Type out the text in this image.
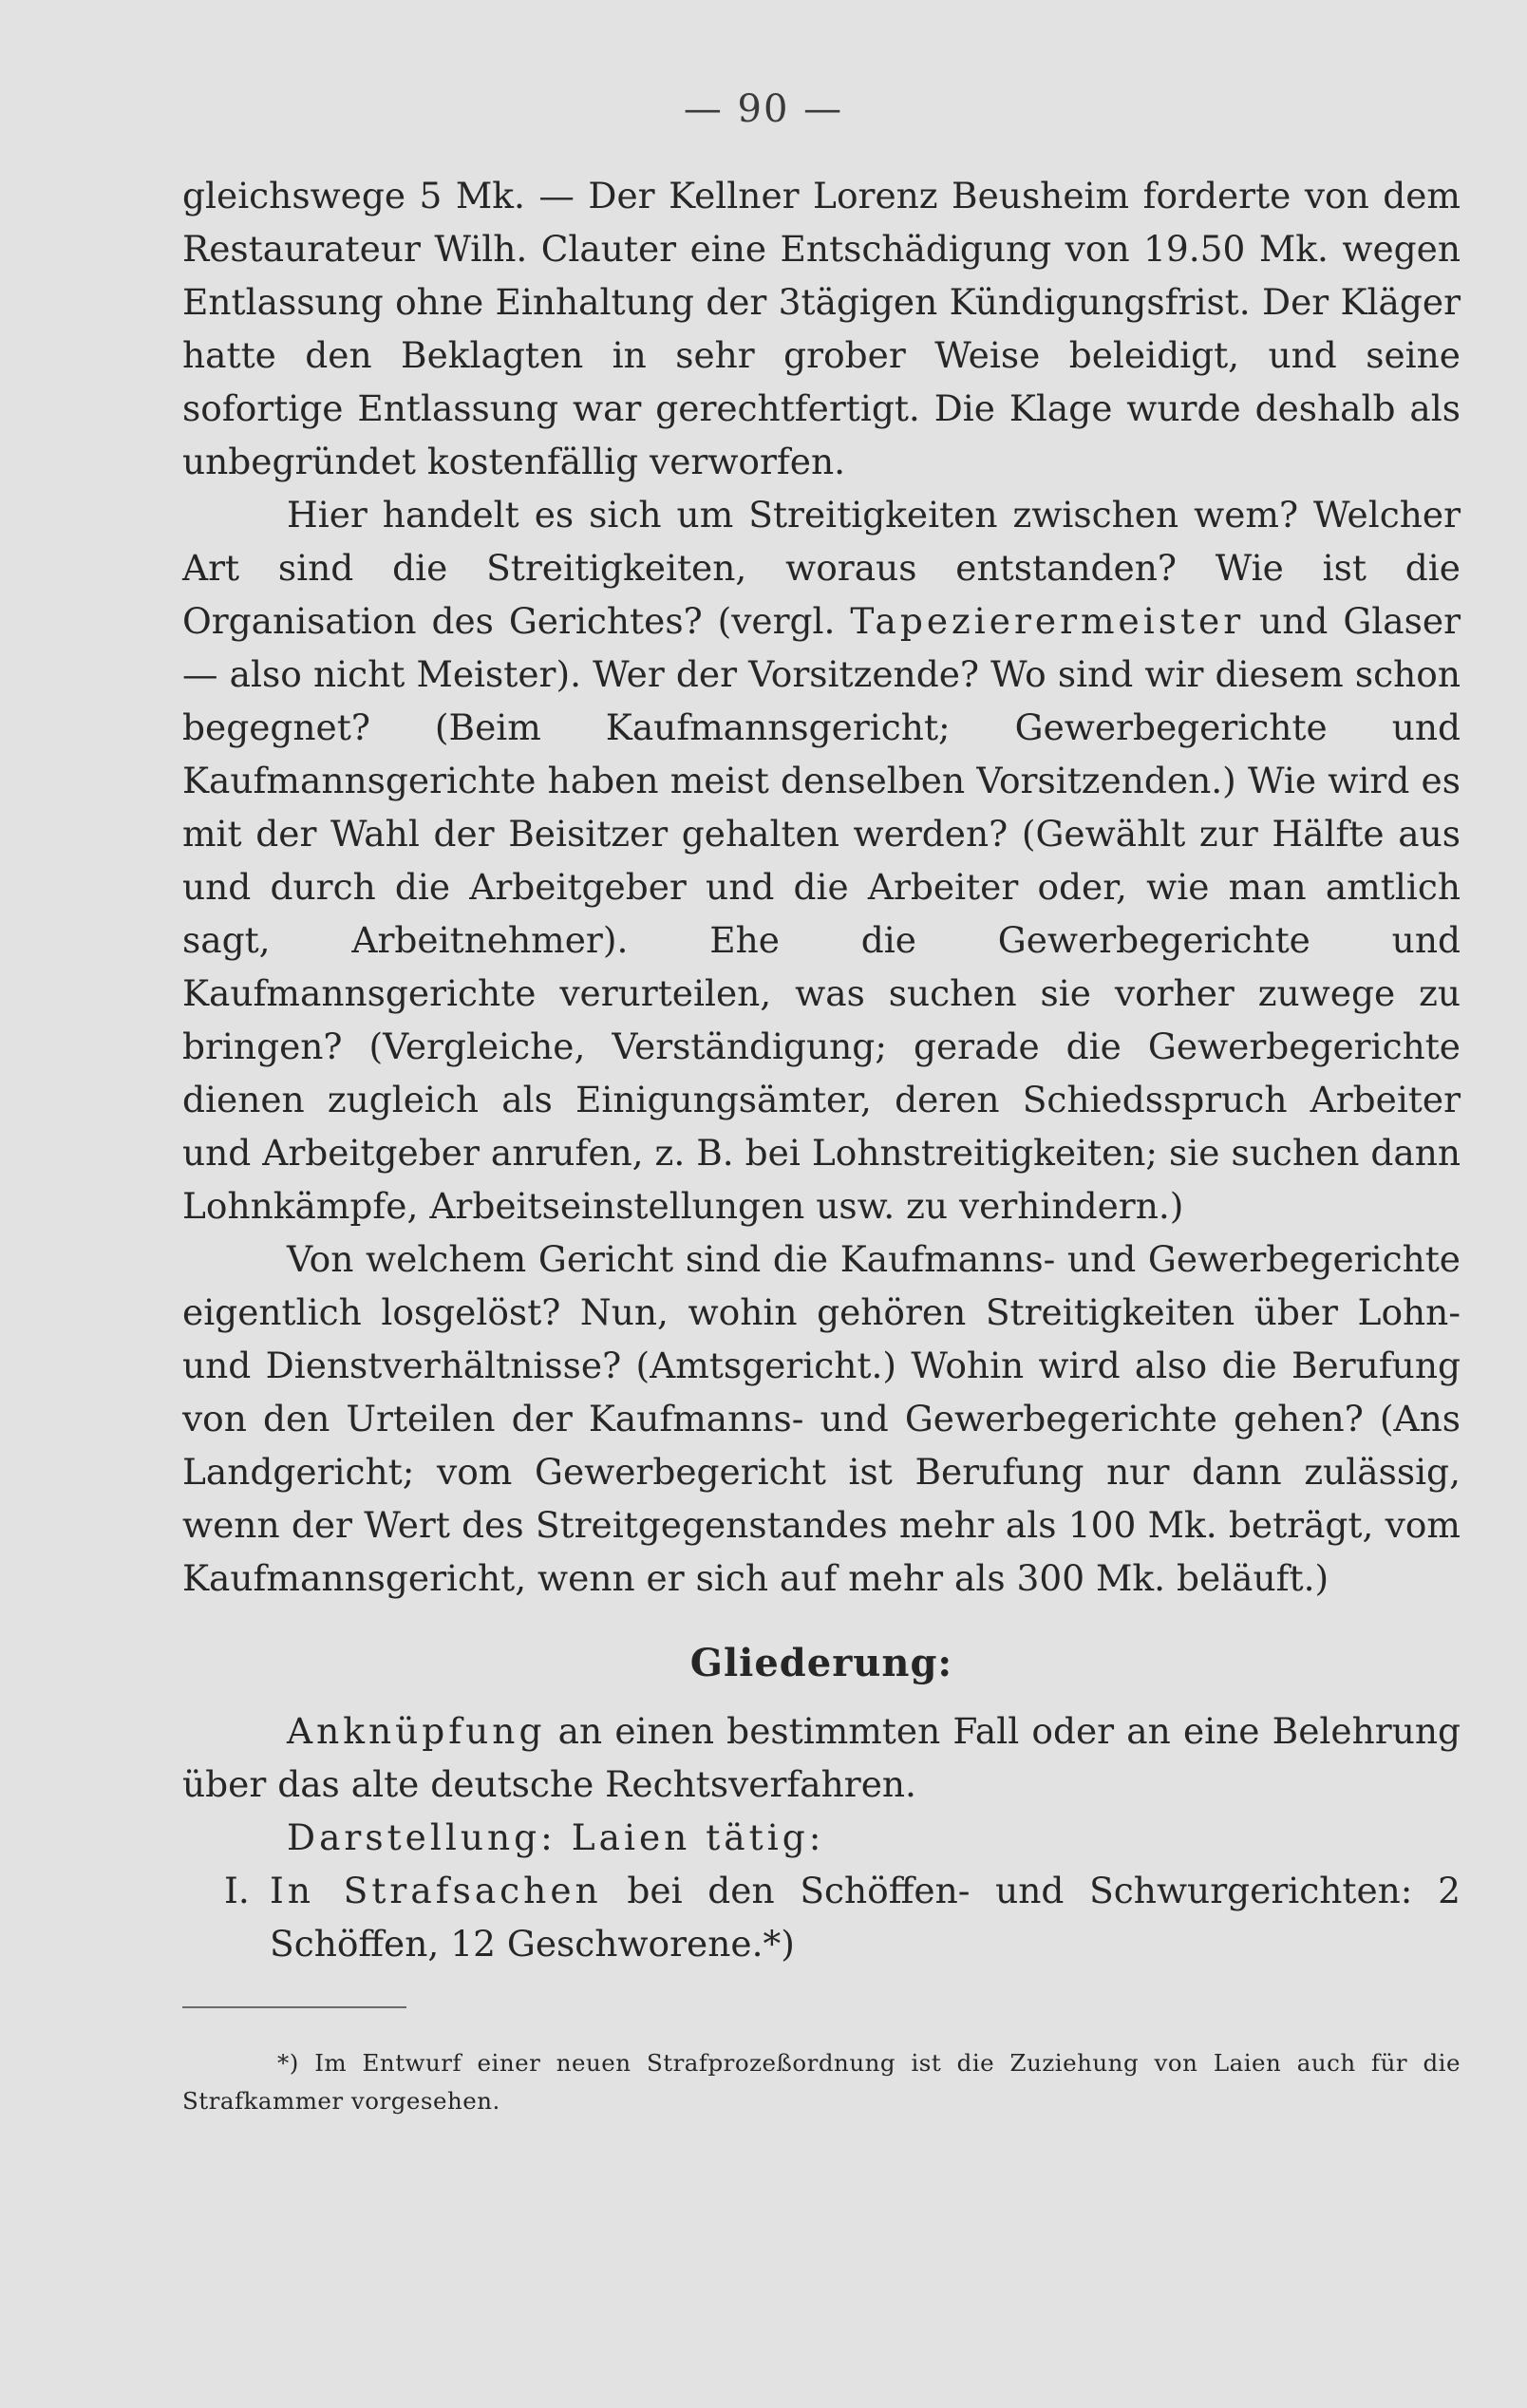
— 90 —

gleichswege 5 Mk. — Der Kellner Lorenz Beusheim forderte von dem Restaurateur Wilh. Clauter eine Entschädigung von 19.50 Mk. wegen Entlassung ohne Einhaltung der 3tägigen Kündigungsfrist. Der Kläger hatte den Beklagten in sehr grober Weise beleidigt, und seine sofortige Entlassung war gerechtfertigt. Die Klage wurde deshalb als unbegründet kostenfällig verworfen.

Hier handelt es sich um Streitigkeiten zwischen wem? Welcher Art sind die Streitigkeiten, woraus entstanden? Wie ist die Organisation des Gerichtes? (vergl. Tapezierermeister und Glaser — also nicht Meister). Wer der Vorsitzende? Wo sind wir diesem schon begegnet? (Beim Kaufmannsgericht; Gewerbegerichte und Kaufmannsgerichte haben meist denselben Vorsitzenden.) Wie wird es mit der Wahl der Beisitzer gehalten werden? (Gewählt zur Hälfte aus und durch die Arbeitgeber und die Arbeiter oder, wie man amtlich sagt, Arbeitnehmer). Ehe die Gewerbegerichte und Kaufmannsgerichte verurteilen, was suchen sie vorher zuwege zu bringen? (Vergleiche, Verständigung; gerade die Gewerbegerichte dienen zugleich als Einigungsämter, deren Schiedsspruch Arbeiter und Arbeitgeber anrufen, z. B. bei Lohnstreitigkeiten; sie suchen dann Lohnkämpfe, Arbeitseinstellungen usw. zu verhindern.)

Von welchem Gericht sind die Kaufmanns- und Gewerbegerichte eigentlich losgelöst? Nun, wohin gehören Streitigkeiten über Lohn- und Dienstverhältnisse? (Amtsgericht.) Wohin wird also die Berufung von den Urteilen der Kaufmanns- und Gewerbegerichte gehen? (Ans Landgericht; vom Gewerbegericht ist Berufung nur dann zulässig, wenn der Wert des Streitgegenstandes mehr als 100 Mk. beträgt, vom Kaufmannsgericht, wenn er sich auf mehr als 300 Mk. beläuft.)

Gliederung:

Anknüpfung an einen bestimmten Fall oder an eine Belehrung über das alte deutsche Rechtsverfahren.

Darstellung: Laien tätig:

I. In Strafsachen bei den Schöffen- und Schwurgerichten: 2 Schöffen, 12 Geschworene.*)

*) Im Entwurf einer neuen Strafprozeßordnung ist die Zuziehung von Laien auch für die Strafkammer vorgesehen.
